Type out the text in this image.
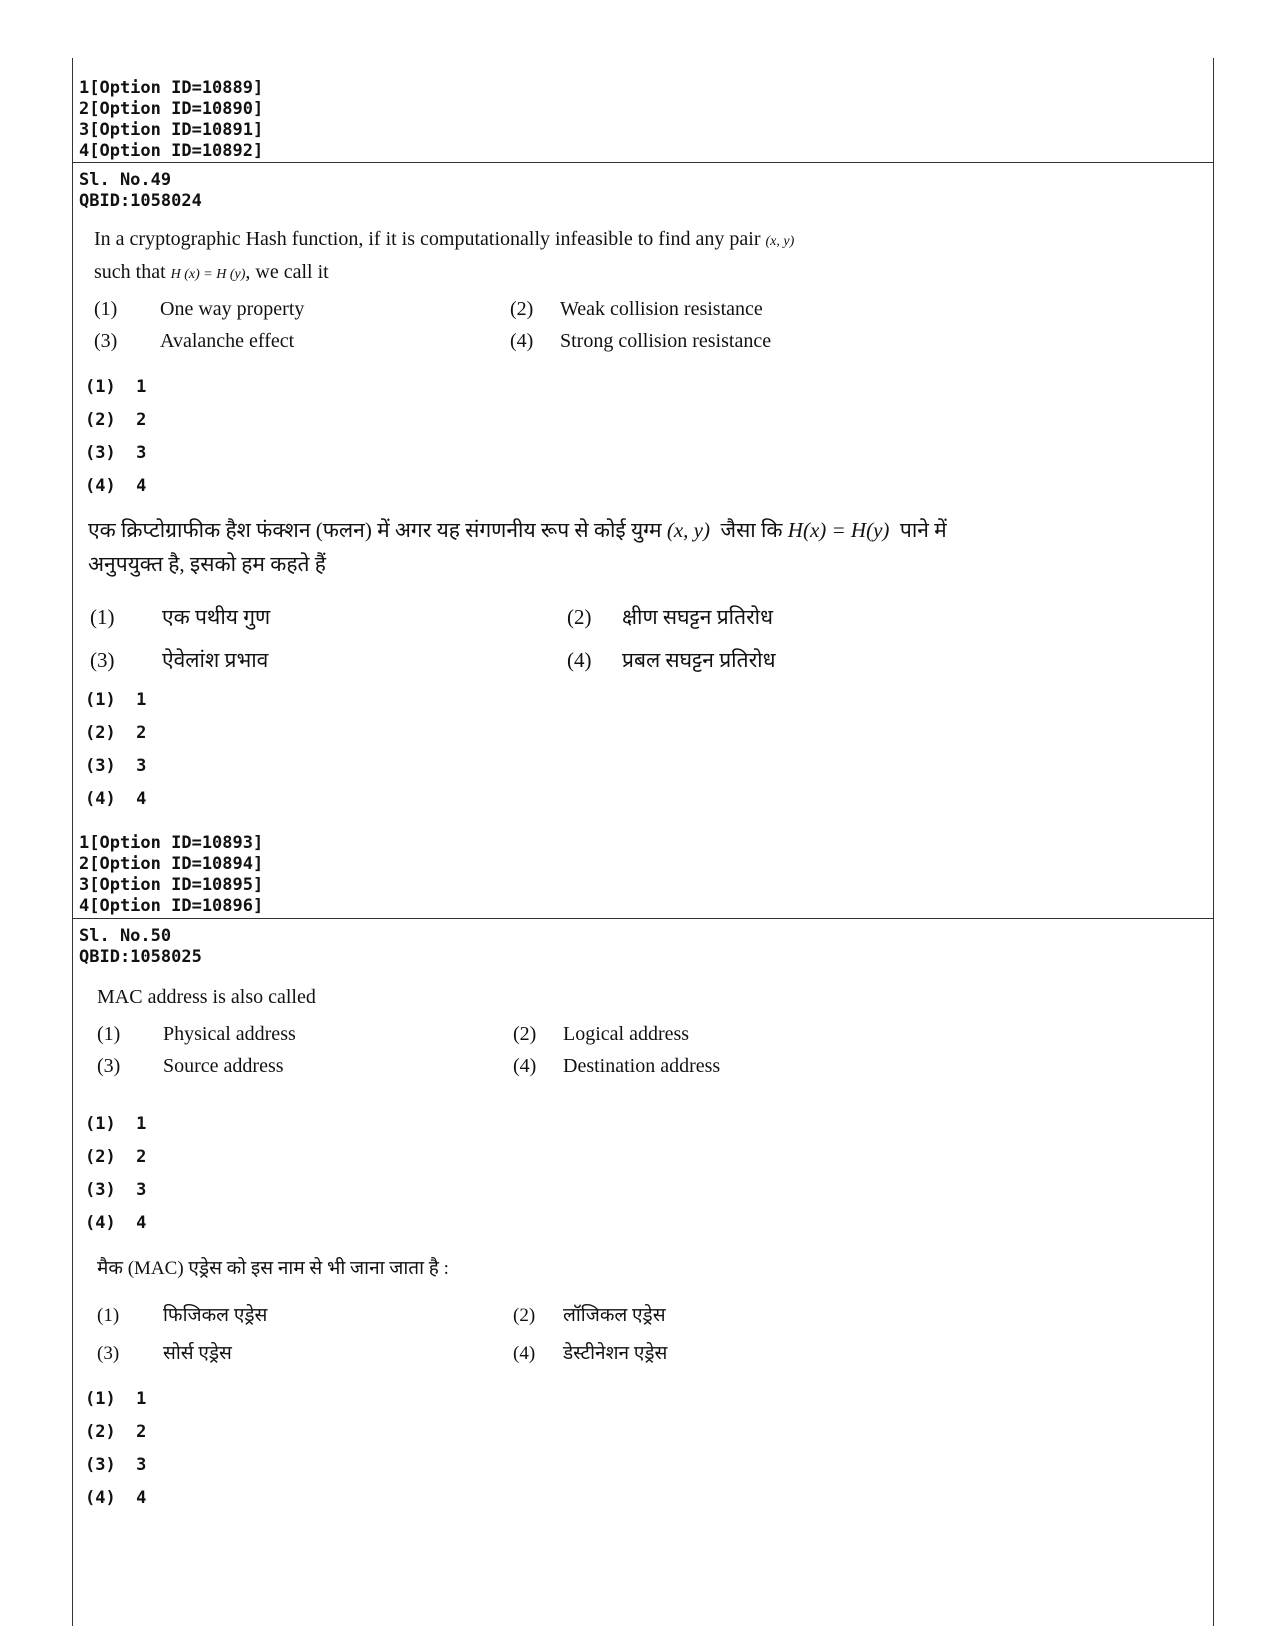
1[Option ID=10889]
2[Option ID=10890]
3[Option ID=10891]
4[Option ID=10892]
Sl. No.49
QBID:1058024
In a cryptographic Hash function, if it is computationally infeasible to find any pair (x, y)
such that H (x) = H (y), we call it
(1) One way property	(2) Weak collision resistance
(3) Avalanche effect	(4) Strong collision resistance
(1)  1
(2)  2
(3)  3
(4)  4
एक क्रिप्टोग्राफीक हैश फंक्शन (फलन) में अगर यह संगणनीय रूप से कोई युग्म (x, y) जैसा कि H(x) = H(y) पाने में
अनुपयुक्त है, इसको हम कहते हैं
(1) एक पथीय गुण	(2) क्षीण सघट्टन प्रतिरोध
(3) ऐवेलांश प्रभाव	(4) प्रबल सघट्टन प्रतिरोध
(1)  1
(2)  2
(3)  3
(4)  4
1[Option ID=10893]
2[Option ID=10894]
3[Option ID=10895]
4[Option ID=10896]
Sl. No.50
QBID:1058025
MAC address is also called
(1) Physical address	(2) Logical address
(3) Source address	(4) Destination address
(1)  1
(2)  2
(3)  3
(4)  4
मैक (MAC) एड्रेस को इस नाम से भी जाना जाता है :
(1) फिजिकल एड्रेस	(2) लॉजिकल एड्रेस
(3) सोर्स एड्रेस	(4) डेस्टीनेशन एड्रेस
(1)  1
(2)  2
(3)  3
(4)  4
